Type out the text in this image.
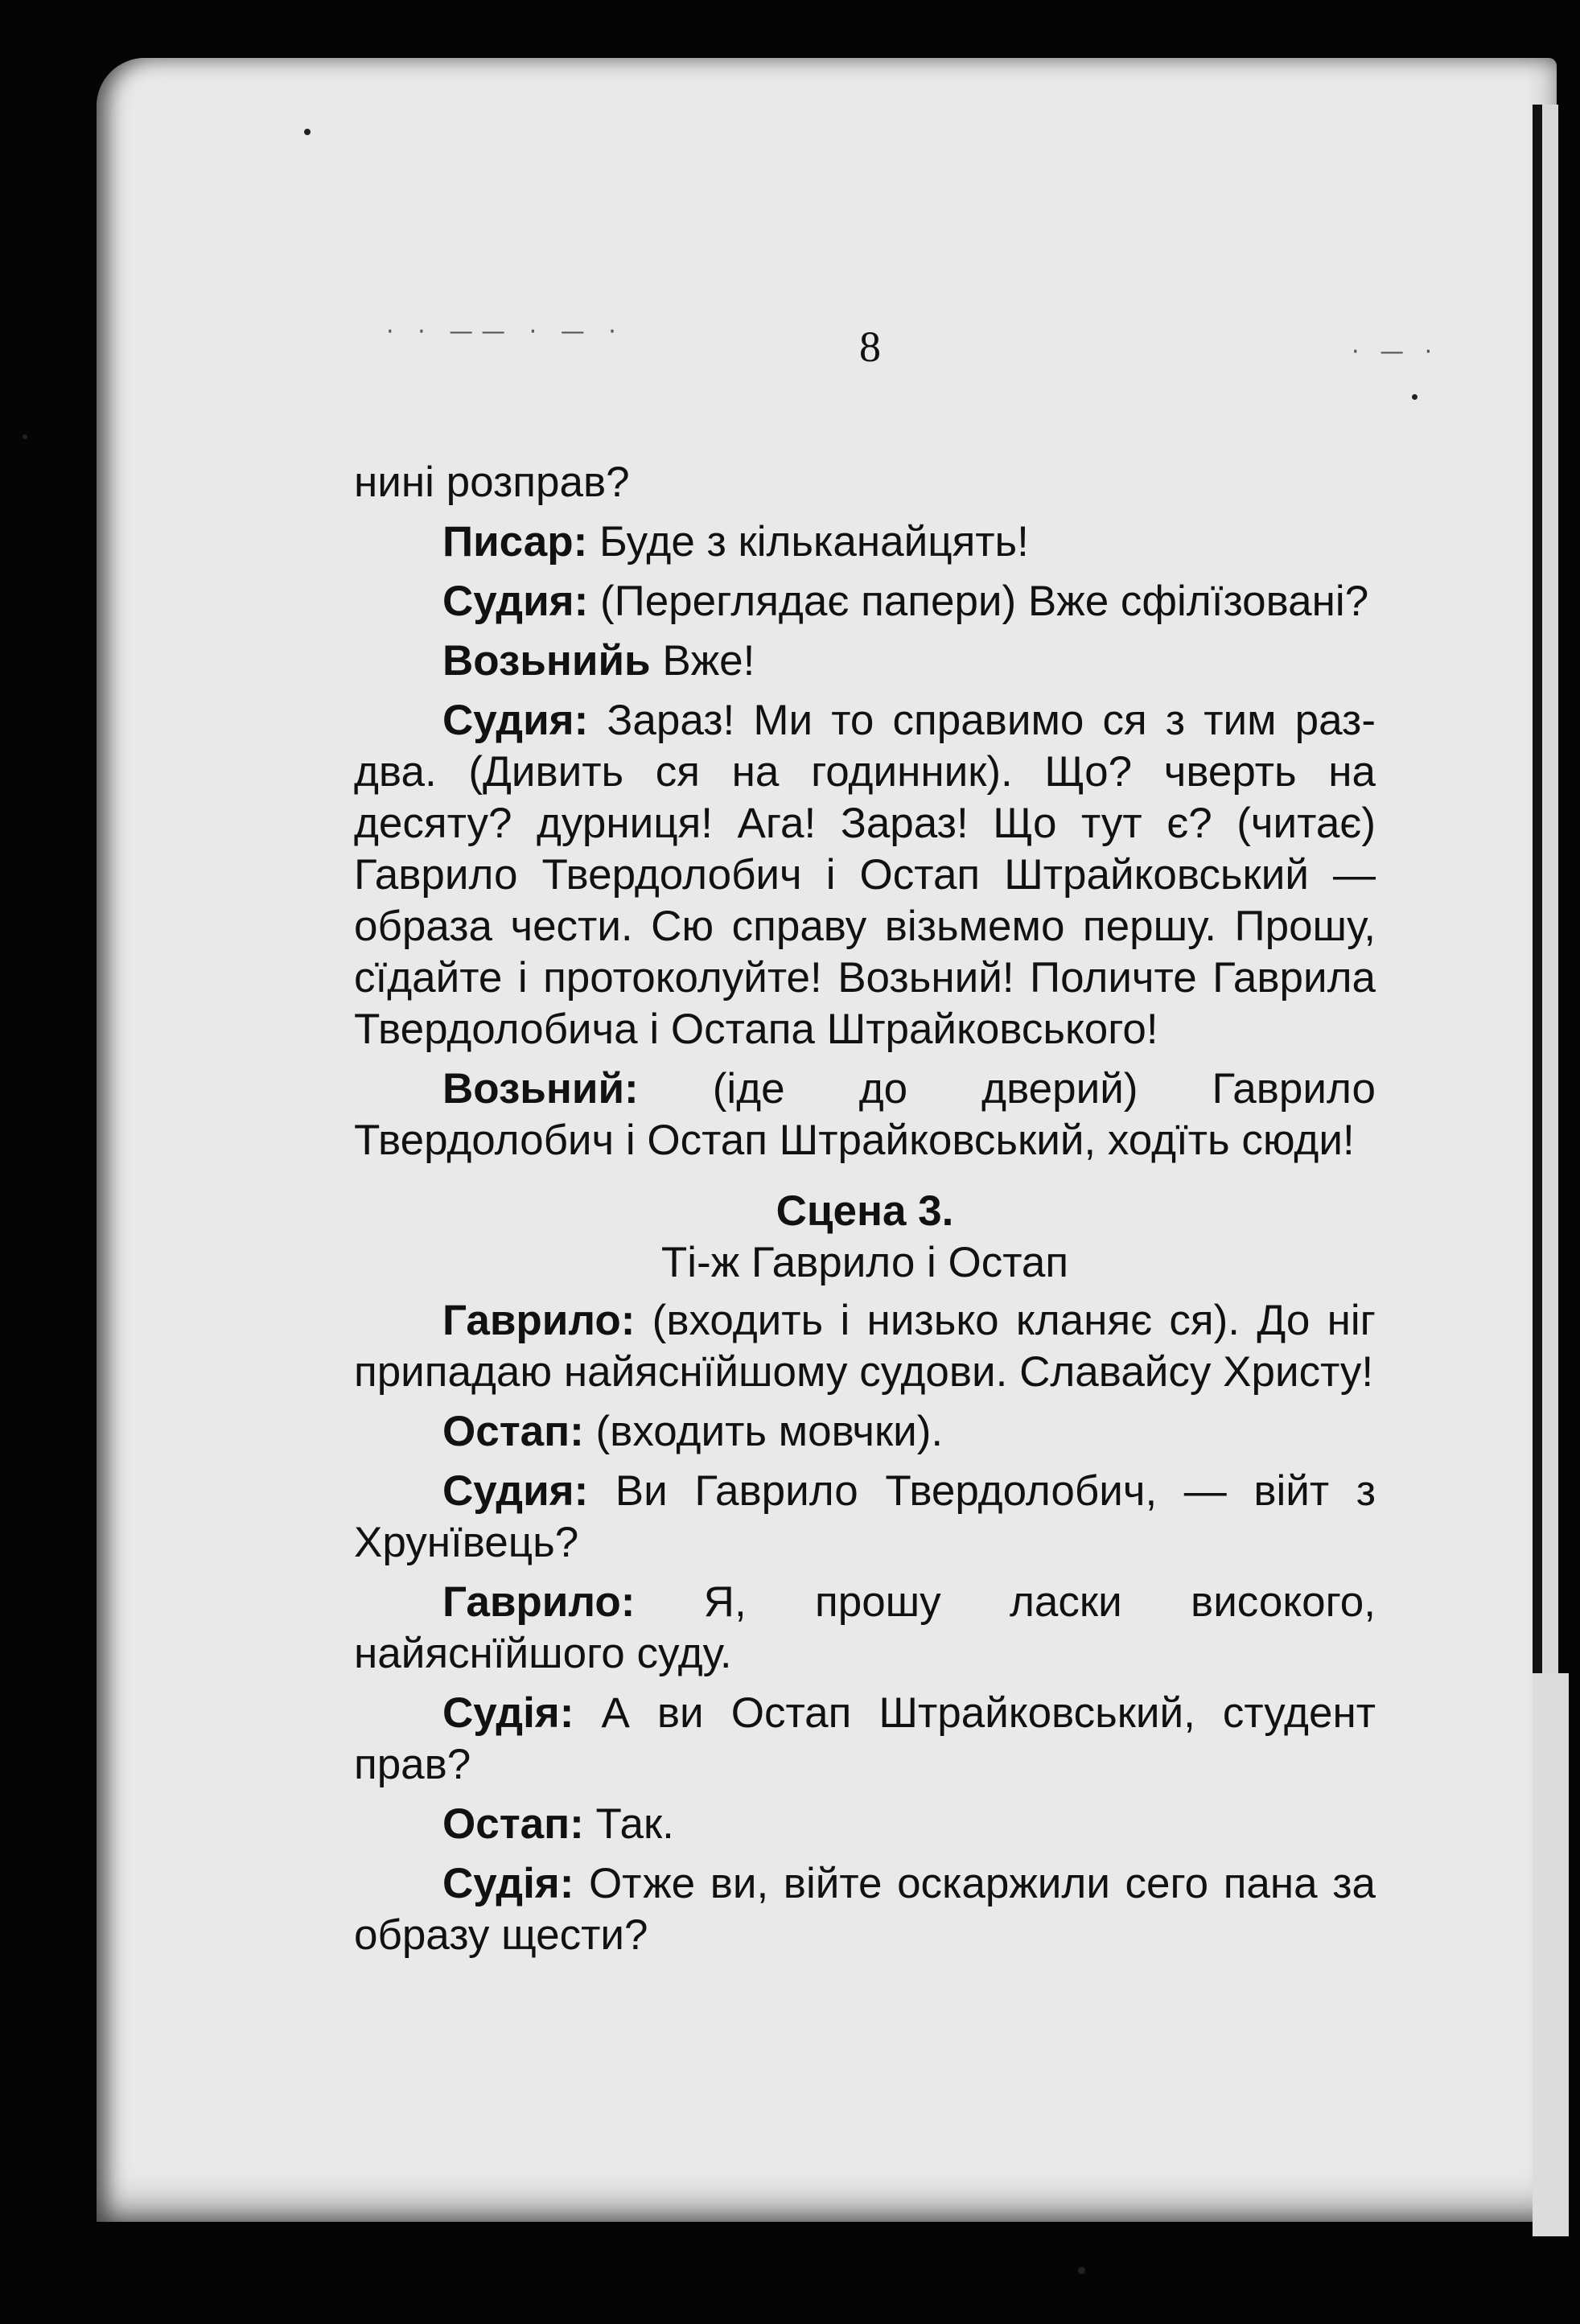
· · —— · — ·
· — ·
8

нині розправ?

Писар: Буде з кільканайцять!

Судия: (Переглядає папери) Вже сфілїзовані?

Возьнийь Вже!

Судия: Зараз! Ми то справимо ся з тим раз-два. (Дивить ся на годинник). Що? чверть на десяту? дурниця! Ага! Зараз! Що тут є? (читає) Гаврило Твердолобич і Остап Штрайковський — образа чести. Сю справу візьмемо першу. Прошу, сїдайте і протоколуйте! Возьний! Поличте Гаврила Твердолобича і Остапа Штрайковського!

Возьний: (іде до дверий) Гаврило Твердолобич і Остап Штрайковський, ходїть сюди!

Сцена 3.

Ті-ж Гаврило і Остап

Гаврило: (входить і низько кланяє ся). До ніг припадаю найяснїйшому судови. Славайсу Христу!

Остап: (входить мовчки).

Судия: Ви Гаврило Твердолобич, — війт з Хрунївець?

Гаврило: Я, прошу ласки високого, найяснїйшого суду.

Судія: А ви Остап Штрайковський, студент прав?

Остап: Так.

Судія: Отже ви, війте оскаржили сего пана за образу щести?
